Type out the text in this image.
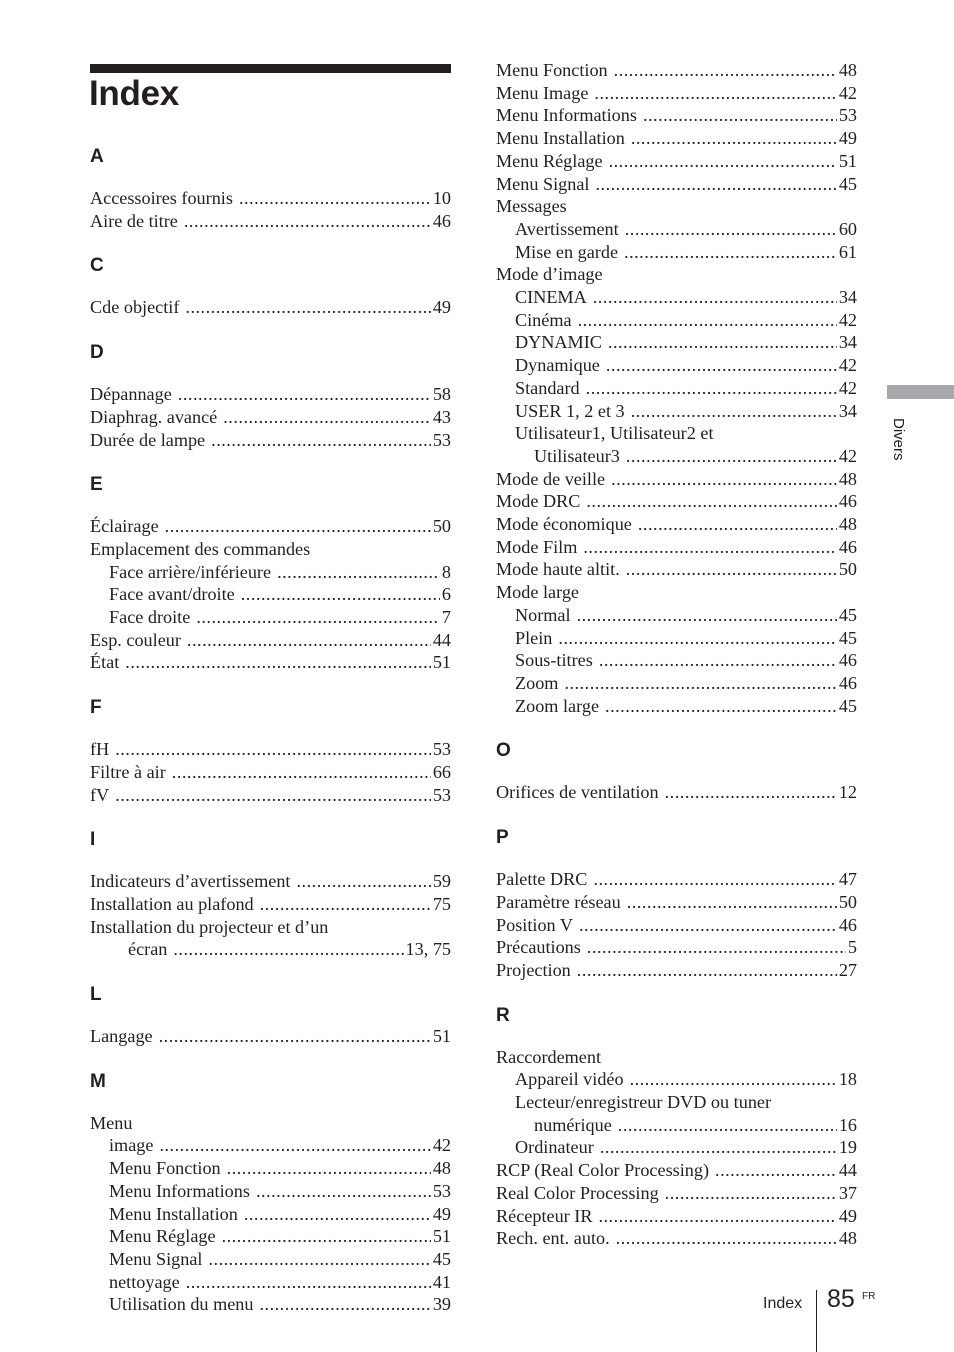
Index
A
Accessoires fournis .....	10
Aire de titre .....	46
C
Cde objectif .....	49
D
Dépannage .....	58
Diaphrag. avancé .....	43
Durée de lampe .....	53
E
Éclairage .....	50
Emplacement des commandes
Face arrière/inférieure .....	8
Face avant/droite .....	6
Face droite .....	7
Esp. couleur .....	44
État .....	51
F
fH .....	53
Filtre à air .....	66
fV .....	53
I
Indicateurs d’avertissement .....	59
Installation au plafond .....	75
Installation du projecteur et d’un
écran .....	13, 75
L
Langage .....	51
M
Menu
image .....	42
Menu Fonction .....	48
Menu Informations .....	53
Menu Installation .....	49
Menu Réglage .....	51
Menu Signal .....	45
nettoyage .....	41
Utilisation du menu .....	39
Menu Fonction .....	48
Menu Image .....	42
Menu Informations .....	53
Menu Installation .....	49
Menu Réglage .....	51
Menu Signal .....	45
Messages
Avertissement .....	60
Mise en garde .....	61
Mode d’image
CINEMA .....	34
Cinéma .....	42
DYNAMIC .....	34
Dynamique .....	42
Standard .....	42
USER 1, 2 et 3 .....	34
Utilisateur1, Utilisateur2 et
Utilisateur3 .....	42
Mode de veille .....	48
Mode DRC .....	46
Mode économique .....	48
Mode Film .....	46
Mode haute altit. .....	50
Mode large
Normal .....	45
Plein .....	45
Sous-titres .....	46
Zoom .....	46
Zoom large .....	45
O
Orifices de ventilation .....	12
P
Palette DRC .....	47
Paramètre réseau .....	50
Position V .....	46
Précautions .....	5
Projection .....	27
R
Raccordement
Appareil vidéo .....	18
Lecteur/enregistreur DVD ou tuner
numérique .....	16
Ordinateur .....	19
RCP (Real Color Processing) .....	44
Real Color Processing .....	37
Récepteur IR .....	49
Rech. ent. auto. .....	48
Divers
Index 85 FR
